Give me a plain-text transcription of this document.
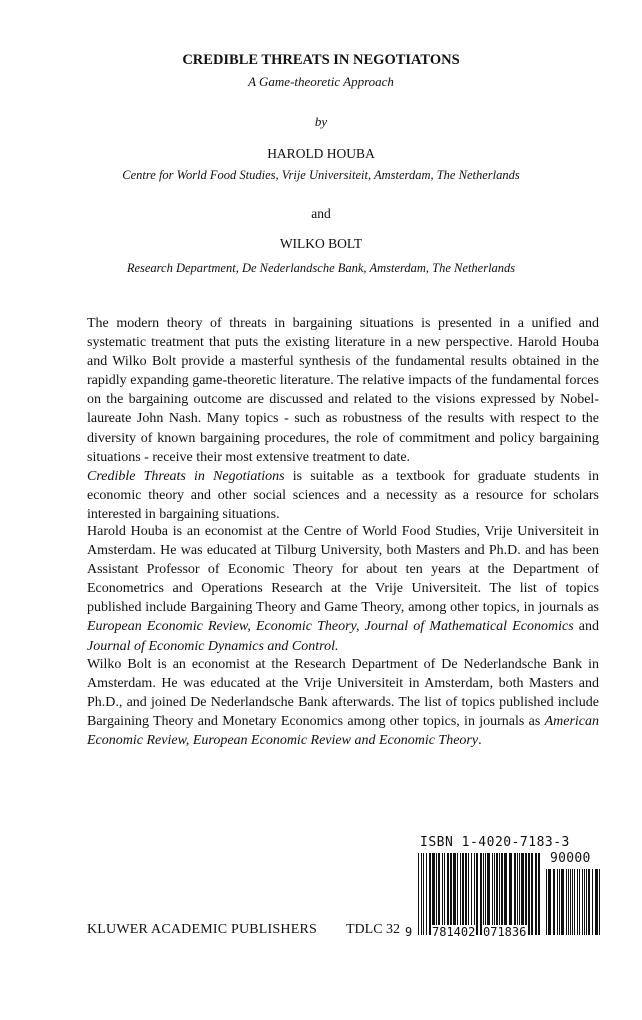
CREDIBLE THREATS IN NEGOTIATONS
A Game-theoretic Approach
by
HAROLD HOUBA
Centre for World Food Studies, Vrije Universiteit, Amsterdam, The Netherlands
and
WILKO BOLT
Research Department, De Nederlandsche Bank, Amsterdam, The Netherlands

The modern theory of threats in bargaining situations is presented in a unified and systematic treatment that puts the existing literature in a new perspective. Harold Houba and Wilko Bolt provide a masterful synthesis of the fundamental results obtained in the rapidly expanding game-theoretic literature. The relative impacts of the fundamental forces on the bargaining outcome are discussed and related to the visions expressed by Nobel-laureate John Nash. Many topics - such as robustness of the results with respect to the diversity of known bargaining procedures, the role of commitment and policy bargaining situations - receive their most extensive treatment to date.

Credible Threats in Negotiations is suitable as a textbook for graduate students in economic theory and other social sciences and a necessity as a resource for scholars interested in bargaining situations.

Harold Houba is an economist at the Centre of World Food Studies, Vrije Universiteit in Amsterdam. He was educated at Tilburg University, both Masters and Ph.D. and has been Assistant Professor of Economic Theory for about ten years at the Department of Econometrics and Operations Research at the Vrije Universiteit. The list of topics published include Bargaining Theory and Game Theory, among other topics, in journals as European Economic Review, Economic Theory, Journal of Mathematical Economics and Journal of Economic Dynamics and Control.

Wilko Bolt is an economist at the Research Department of De Nederlandsche Bank in Amsterdam. He was educated at the Vrije Universiteit in Amsterdam, both Masters and Ph.D., and joined De Nederlandsche Bank afterwards. The list of topics published include Bargaining Theory and Monetary Economics among other topics, in journals as American Economic Review, European Economic Review and Economic Theory.

KLUWER ACADEMIC PUBLISHERS TDLC 32
ISBN 1-4020-7183-3
90000
9 781402 071836
